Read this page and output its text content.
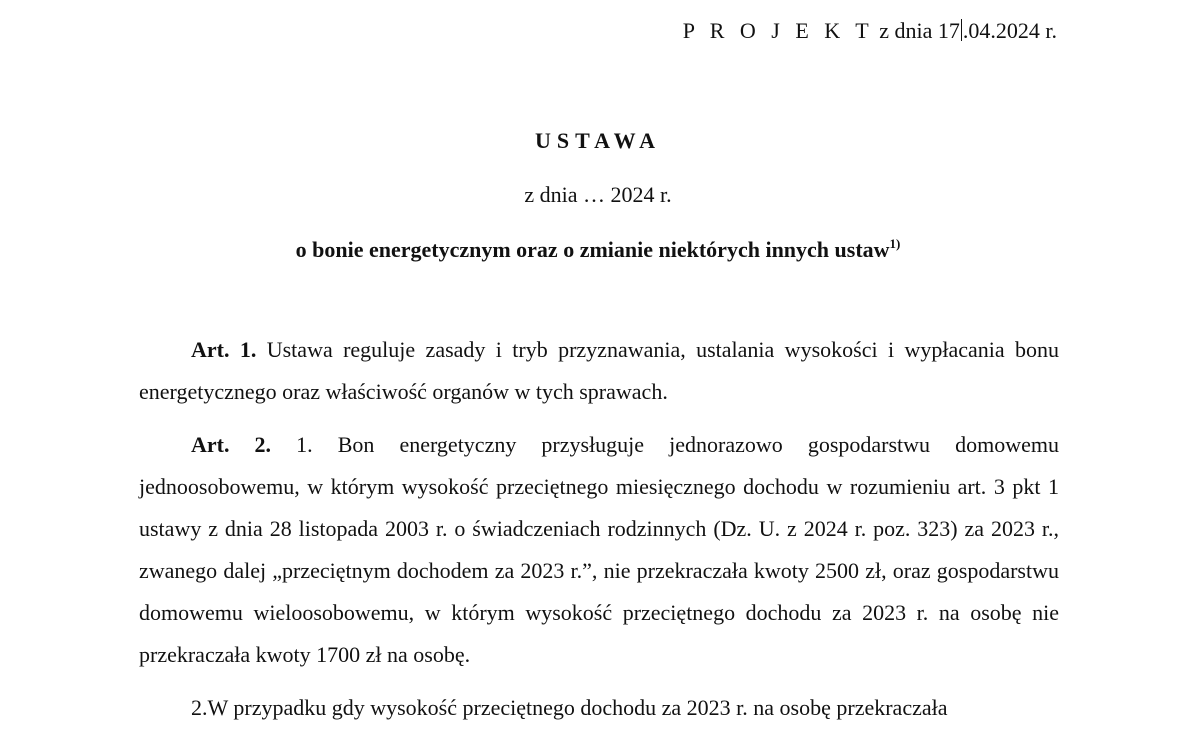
P R O J E K T z dnia 17 .04.2024 r.
USTAWA
z dnia … 2024 r.
o bonie energetycznym oraz o zmianie niektórych innych ustaw$^{1)}$

Art. 1. Ustawa reguluje zasady i tryb przyznawania, ustalania wysokości i wypłacania bonu energetycznego oraz właściwość organów w tych sprawach.

Art. 2. 1. Bon energetyczny przysługuje jednorazowo gospodarstwu domowemu jednoosobowemu, w którym wysokość przeciętnego miesięcznego dochodu w rozumieniu art. 3 pkt 1 ustawy z dnia 28 listopada 2003 r. o świadczeniach rodzinnych (Dz. U. z 2024 r. poz. 323) za 2023 r., zwanego dalej „przeciętnym dochodem za 2023 r.”, nie przekraczała kwoty 2500 zł, oraz gospodarstwu domowemu wieloosobowemu, w którym wysokość przeciętnego dochodu za 2023 r. na osobę nie przekraczała kwoty 1700 zł na osobę.

2.W przypadku gdy wysokość przeciętnego dochodu za 2023 r. na osobę przekraczała
